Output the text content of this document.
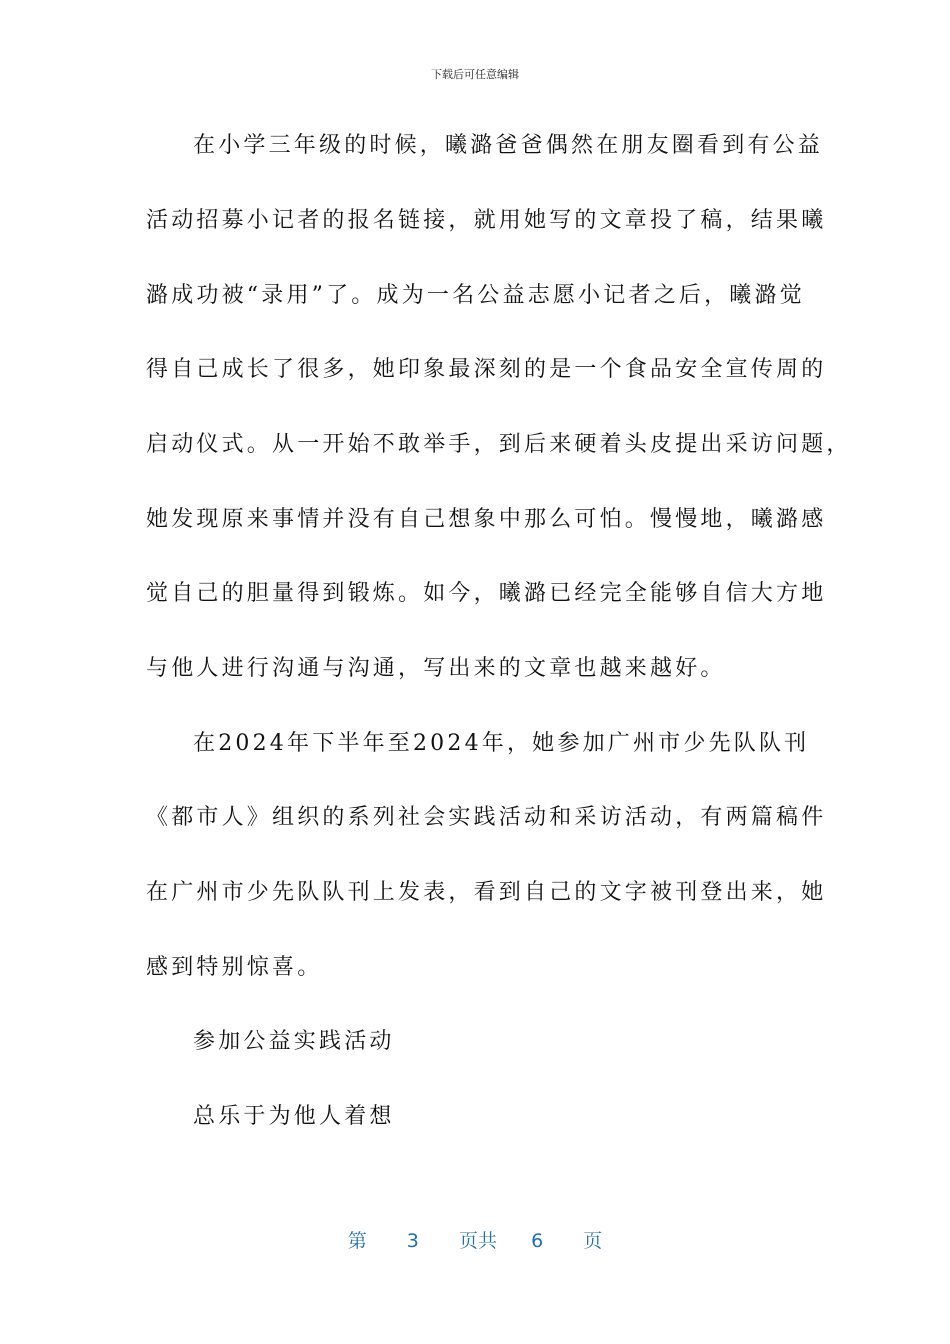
下载后可任意编辑
在小学三年级的时候，曦潞爸爸偶然在朋友圈看到有公益
活动招募小记者的报名链接，就用她写的文章投了稿，结果曦
潞成功被“录用”了。成为一名公益志愿小记者之后，曦潞觉
得自己成长了很多，她印象最深刻的是一个食品安全宣传周的
启动仪式。从一开始不敢举手，到后来硬着头皮提出采访问题，
她发现原来事情并没有自己想象中那么可怕。慢慢地，曦潞感
觉自己的胆量得到锻炼。如今，曦潞已经完全能够自信大方地
与他人进行沟通与沟通，写出来的文章也越来越好。
在2024年下半年至2024年，她参加广州市少先队队刊
《都市人》组织的系列社会实践活动和采访活动，有两篇稿件
在广州市少先队队刊上发表，看到自己的文字被刊登出来，她
感到特别惊喜。
参加公益实践活动
总乐于为他人着想
第 3 页共 6 页
